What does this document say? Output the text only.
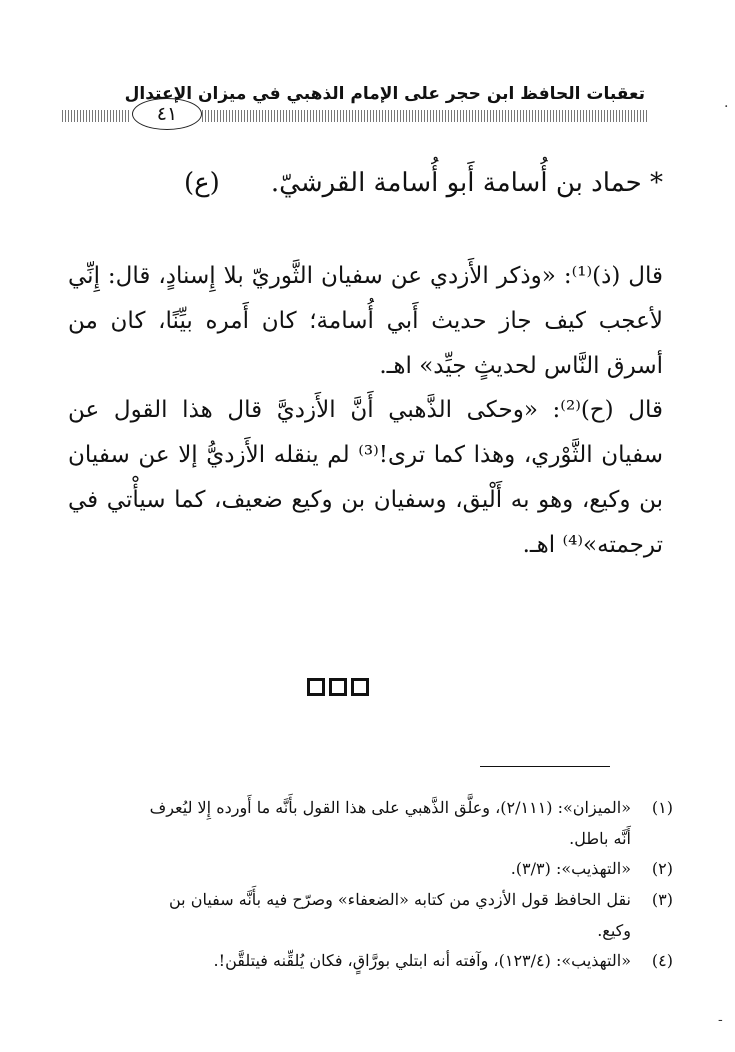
تعقبات الحافظ ابن حجر على الإمام الذهبي في ميزان الإعتدال
٤١
* حماد بن أُسامة أَبو أُسامة القرشيّ.
(ع)
قال (ذ)⁽¹⁾: «وذكر الأَزدي عن سفيان الثَّوريّ بلا إِسنادٍ، قال: إِنِّي لأعجب كيف جاز حديث أَبي أُسامة؛ كان أَمره بيِّنًا، كان من أسرق النَّاس لحديثٍ جيِّد» اهـ.
قال (ح)⁽²⁾: «وحكى الذَّهبي أَنَّ الأَزديَّ قال هذا القول عن سفيان الثَّوْري، وهذا كما ترى!⁽³⁾ لم ينقله الأَزديُّ إلا عن سفيان بن وكيع، وهو به أَلْيق، وسفيان بن وكيع ضعيف، كما سيأْتي في ترجمته»⁽⁴⁾ اهـ.
(١)«الميزان»: (٢/١١١)، وعلَّق الذَّهبي على هذا القول بأَنَّه ما أَورده إِلا ليُعرف
أَنَّه باطل.
(٢)«التهذيب»: (٣/٣).
(٣)نقل الحافظ قول الأزدي من كتابه «الضعفاء» وصرّح فيه بأَنَّه سفيان بن
وكيع.
(٤)«التهذيب»: (١٢٣/٤)، وآفته أنه ابتلي بورَّاقٍ، فكان يُلقِّنه فيتلقَّن!.
.
-
